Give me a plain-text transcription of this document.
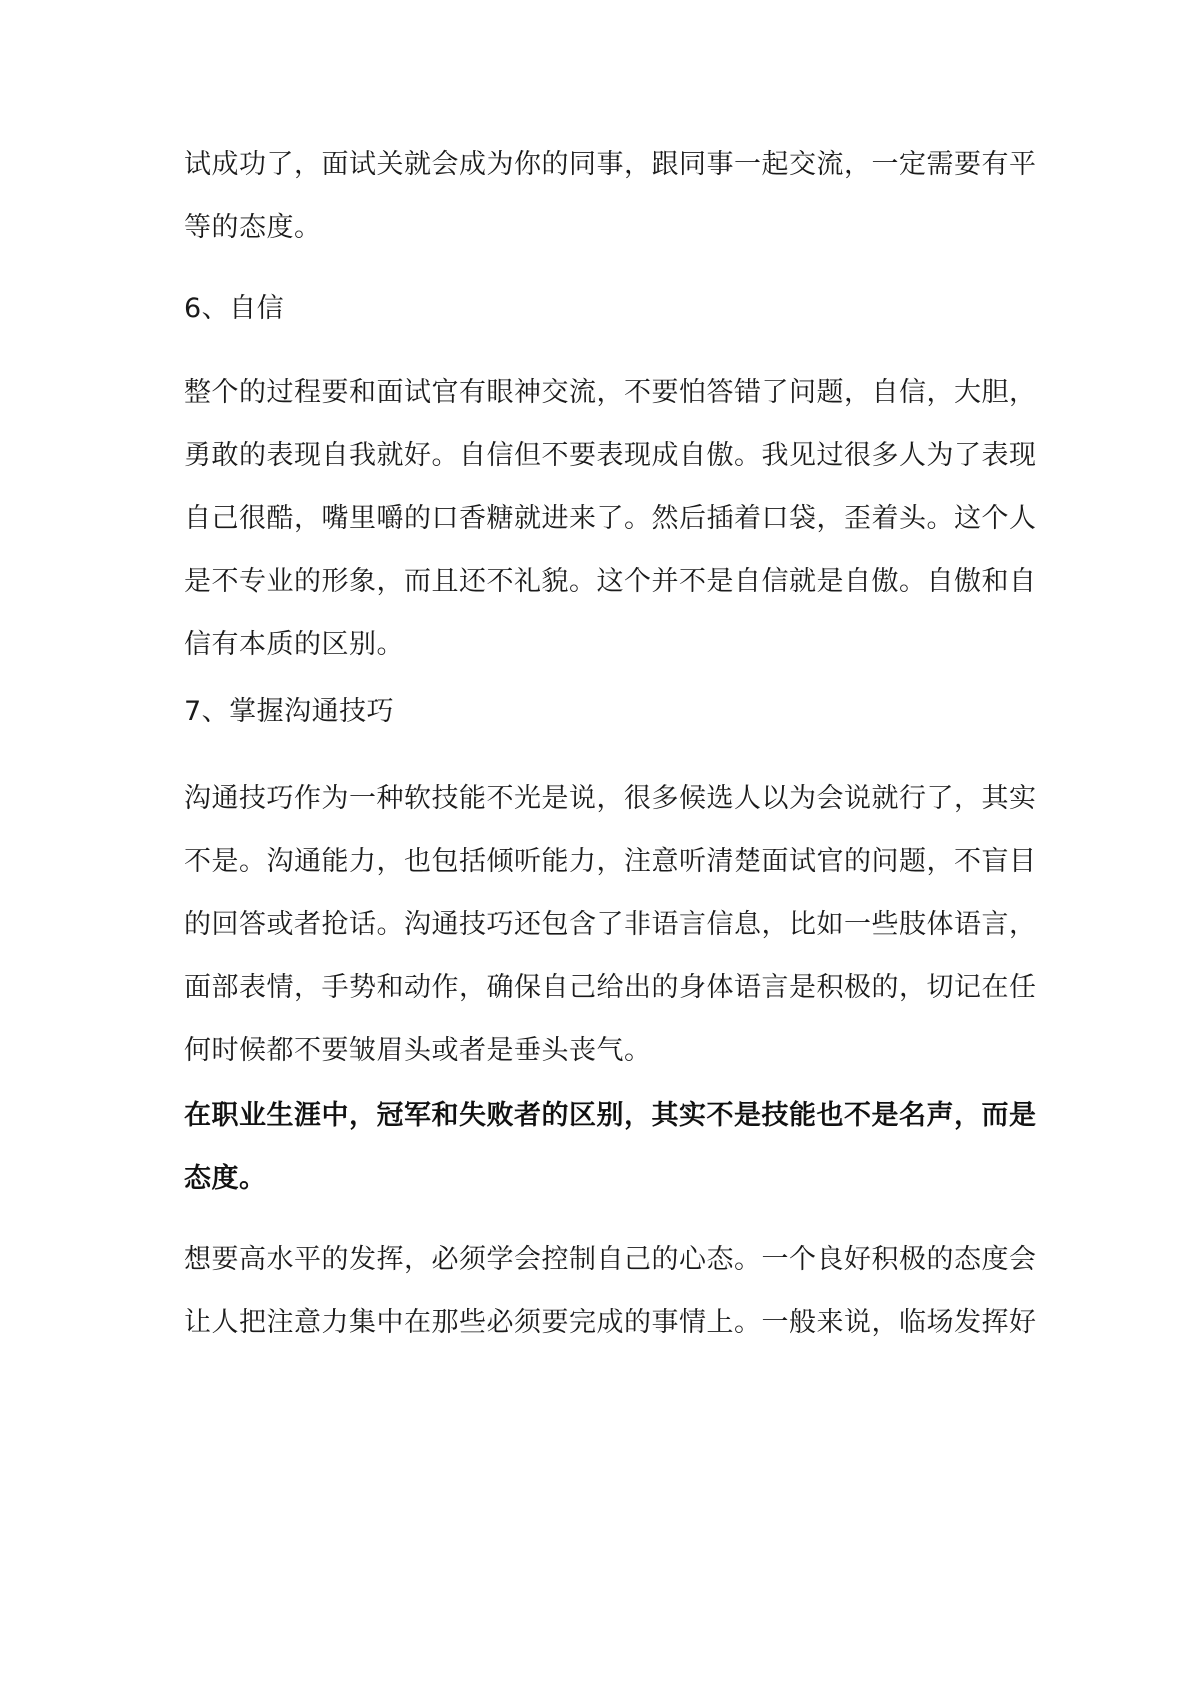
试成功了，面试关就会成为你的同事，跟同事一起交流，一定需要有平
等的态度。
6、自信
整个的过程要和面试官有眼神交流，不要怕答错了问题，自信，大胆，
勇敢的表现自我就好。自信但不要表现成自傲。我见过很多人为了表现
自己很酷，嘴里嚼的口香糖就进来了。然后插着口袋，歪着头。这个人
是不专业的形象，而且还不礼貌。这个并不是自信就是自傲。自傲和自
信有本质的区别。
7、掌握沟通技巧
沟通技巧作为一种软技能不光是说，很多候选人以为会说就行了，其实
不是。沟通能力，也包括倾听能力，注意听清楚面试官的问题，不盲目
的回答或者抢话。沟通技巧还包含了非语言信息，比如一些肢体语言，
面部表情，手势和动作，确保自己给出的身体语言是积极的，切记在任
何时候都不要皱眉头或者是垂头丧气。
在职业生涯中，冠军和失败者的区别，其实不是技能也不是名声，而是
态度。
想要高水平的发挥，必须学会控制自己的心态。一个良好积极的态度会
让人把注意力集中在那些必须要完成的事情上。一般来说，临场发挥好
